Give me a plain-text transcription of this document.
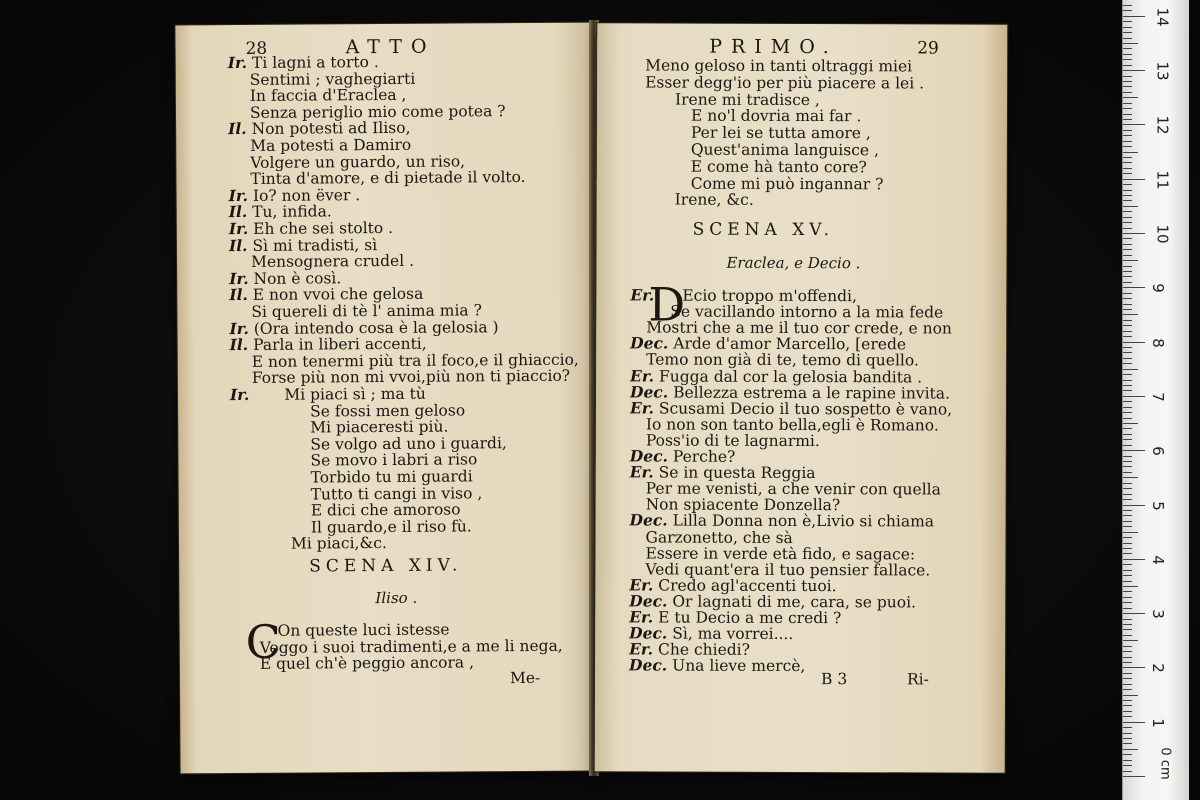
28	ATTO
Ir. Ti lagni a torto .
Sentimi ; vaghegiarti
In faccia d'Eraclea ,
Senza periglio mio come potea ?
Il. Non potesti ad Iliso,
Ma potesti a Damiro
Volgere un guardo, un riso,
Tinta d'amore, e di pietade il volto.
Ir. Io? non ëver .
Il. Tu, infida.
Ir. Eh che sei stolto .
Il. Sì mi tradisti, sì
Mensognera crudel .
Ir. Non è così.
Il. E non vvoi che gelosa
Si quereli di tè l' anima mia ?
Ir. (Ora intendo cosa è la gelosia )
Il. Parla in liberi accenti,
E non tenermi più tra il foco,e il ghiaccio,
Forse più non mi vvoi,più non ti piaccio?
Ir. Mi piaci sì ; ma tù
Se fossi men geloso
Mi piaceresti più.
Se volgo ad uno i guardi,
Se movo i labri a riso
Torbido tu mi guardi
Tutto ti cangi in viso ,
E dici che amoroso
Il guardo,e il riso fù.
Mi piaci,&c.
SCENA XIV.
Iliso .
C
On queste luci istesse
Veggo i suoi tradimenti,e a me li nega,
E quel ch'è peggio ancora ,
Me-
PRIMO.	29
Meno geloso in tanti oltraggi miei
Esser degg'io per più piacere a lei .
Irene mi tradisce ,
E no'l dovria mai far .
Per lei se tutta amore ,
Quest'anima languisce ,
E come hà tanto core?
Come mi può ingannar ?
Irene, &c.
SCENA XV.
Eraclea, e Decio .
D
Ecio troppo m'offendi,
Se vacillando intorno a la mia fede
Mostri che a me il tuo cor crede, e non
Dec. Arde d'amor Marcello, [erede
Temo non già di te, temo di quello.
Er. Fugga dal cor la gelosia bandita .
Dec. Bellezza estrema a le rapine invita.
Er. Scusami Decio il tuo sospetto è vano,
Io non son tanto bella,egli è Romano.
Poss'io di te lagnarmi.
Dec. Perche?
Er. Se in questa Reggia
Per me venisti, a che venir con quella
Non spiacente Donzella?
Dec. Lilla Donna non è,Livio si chiama
Garzonetto, che sà
Essere in verde età fido, e sagace:
Vedi quant'era il tuo pensier fallace.
Er. Credo agl'accenti tuoi.
Dec. Or lagnati di me, cara, se puoi.
Er. E tu Decio a me credi ?
Dec. Sì, ma vorrei....
Er. Che chiedi?
Dec. Una lieve mercè,
Er.
B 3	Ri-
14
13
12
11
10
9
8
7
6
5
4
3
2
1
0 cm
